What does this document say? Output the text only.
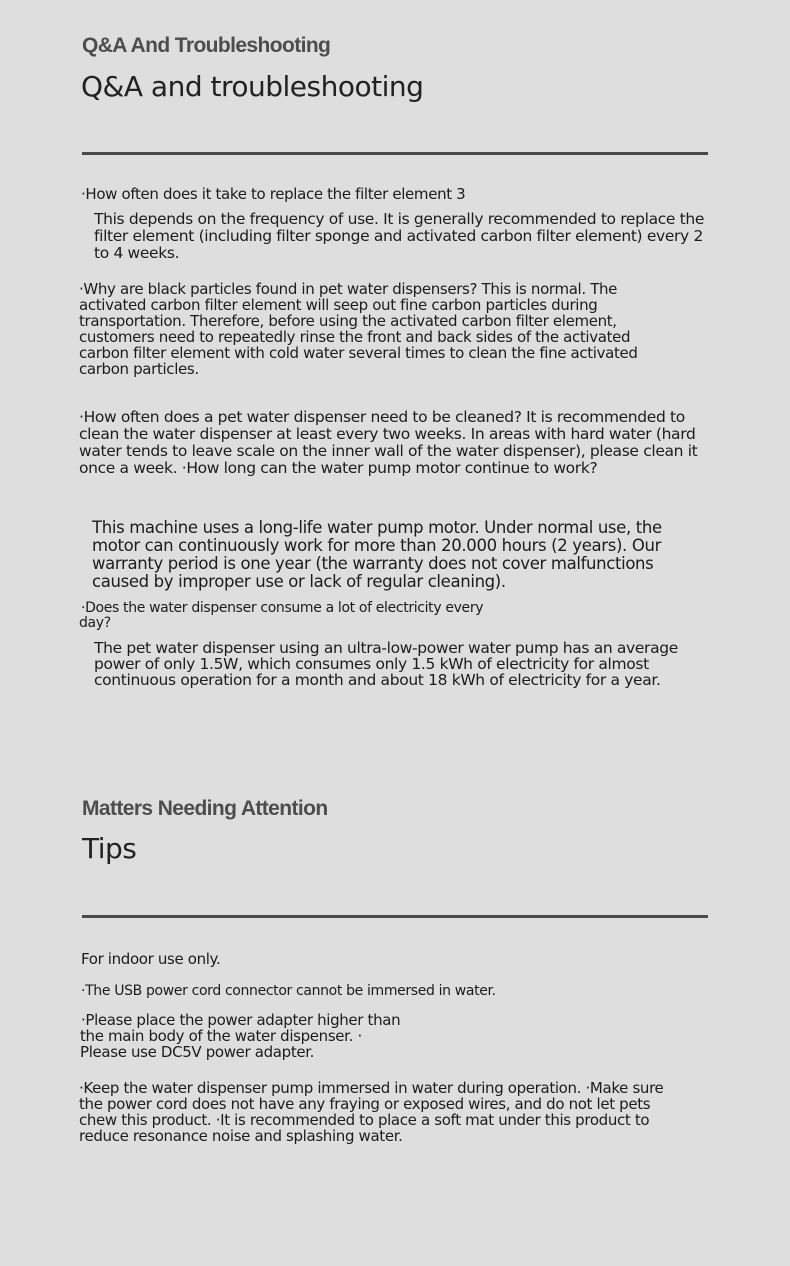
Q&A And Troubleshooting
Q&A and troubleshooting
·How often does it take to replace the filter element 3
This depends on the frequency of use. It is generally recommended to replace the filter element (including filter sponge and activated carbon filter element) every 2 to 4 weeks.
·Why are black particles found in pet water dispensers? This is normal. The activated carbon filter element will seep out fine carbon particles during transportation. Therefore, before using the activated carbon filter element, customers need to repeatedly rinse the front and back sides of the activated carbon filter element with cold water several times to clean the fine activated carbon particles.
·How often does a pet water dispenser need to be cleaned? It is recommended to clean the water dispenser at least every two weeks. In areas with hard water (hard water tends to leave scale on the inner wall of the water dispenser), please clean it once a week. ·How long can the water pump motor continue to work?
This machine uses a long-life water pump motor. Under normal use, the motor can continuously work for more than 20.000 hours (2 years). Our warranty period is one year (the warranty does not cover malfunctions caused by improper use or lack of regular cleaning).
·Does the water dispenser consume a lot of electricity every
day?
The pet water dispenser using an ultra-low-power water pump has an average power of only 1.5W, which consumes only 1.5 kWh of electricity for almost continuous operation for a month and about 18 kWh of electricity for a year.
Matters Needing Attention
Tips
For indoor use only.
·The USB power cord connector cannot be immersed in water.
·Please place the power adapter higher than
the main body of the water dispenser. ·
Please use DC5V power adapter.
·Keep the water dispenser pump immersed in water during operation. ·Make sure the power cord does not have any fraying or exposed wires, and do not let pets chew this product. ·It is recommended to place a soft mat under this product to reduce resonance noise and splashing water.
